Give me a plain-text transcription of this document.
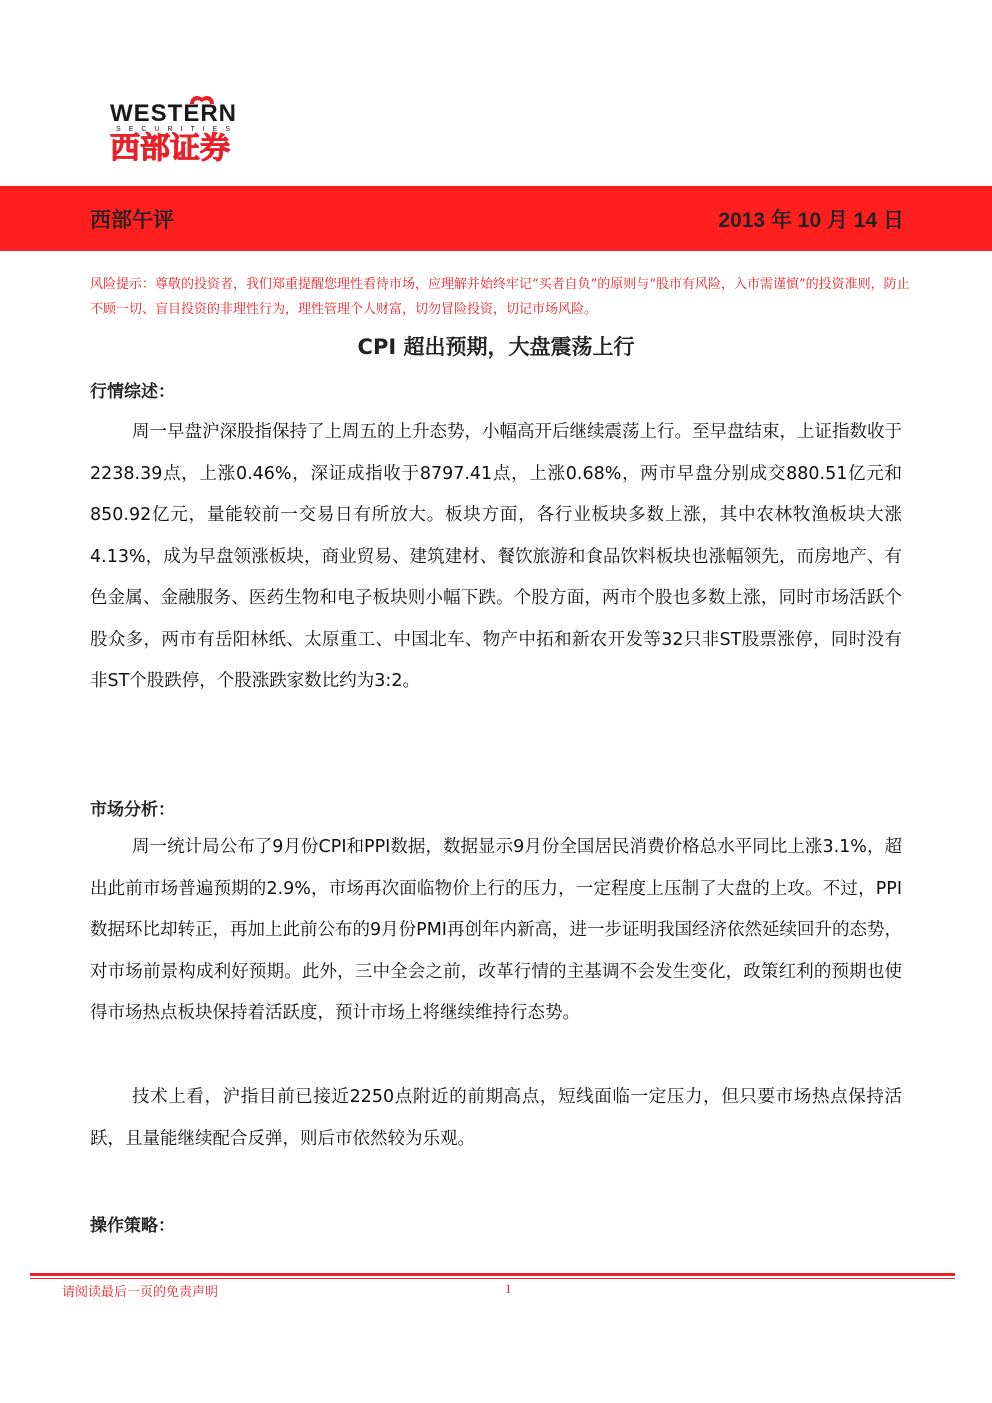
WESTERN
SECURITIES
西部证券
西部午评	2013 年 10 月 14 日
风险提示：尊敬的投资者，我们郑重提醒您理性看待市场，应理解并始终牢记“买者自负”的原则与“股市有风险，入市需谨慎”的投资准则，防止不顾一切、盲目投资的非理性行为，理性管理个人财富，切勿冒险投资，切记市场风险。
CPI 超出预期，大盘震荡上行
行情综述：
周一早盘沪深股指保持了上周五的上升态势，小幅高开后继续震荡上行。至早盘结束，上证指数收于2238.39点，上涨0.46%，深证成指收于8797.41点，上涨0.68%，两市早盘分别成交880.51亿元和850.92亿元，量能较前一交易日有所放大。板块方面，各行业板块多数上涨，其中农林牧渔板块大涨4.13%，成为早盘领涨板块，商业贸易、建筑建材、餐饮旅游和食品饮料板块也涨幅领先，而房地产、有色金属、金融服务、医药生物和电子板块则小幅下跌。个股方面，两市个股也多数上涨，同时市场活跃个股众多，两市有岳阳林纸、太原重工、中国北车、物产中拓和新农开发等32只非ST股票涨停，同时没有非ST个股跌停，个股涨跌家数比约为3:2。
市场分析：
周一统计局公布了9月份CPI和PPI数据，数据显示9月份全国居民消费价格总水平同比上涨3.1%，超出此前市场普遍预期的2.9%，市场再次面临物价上行的压力，一定程度上压制了大盘的上攻。不过，PPI数据环比却转正，再加上此前公布的9月份PMI再创年内新高，进一步证明我国经济依然延续回升的态势，对市场前景构成利好预期。此外，三中全会之前，改革行情的主基调不会发生变化，政策红利的预期也使得市场热点板块保持着活跃度，预计市场上将继续维持行态势。
技术上看，沪指目前已接近2250点附近的前期高点，短线面临一定压力，但只要市场热点保持活跃，且量能继续配合反弹，则后市依然较为乐观。
操作策略：
请阅读最后一页的免责声明	1
